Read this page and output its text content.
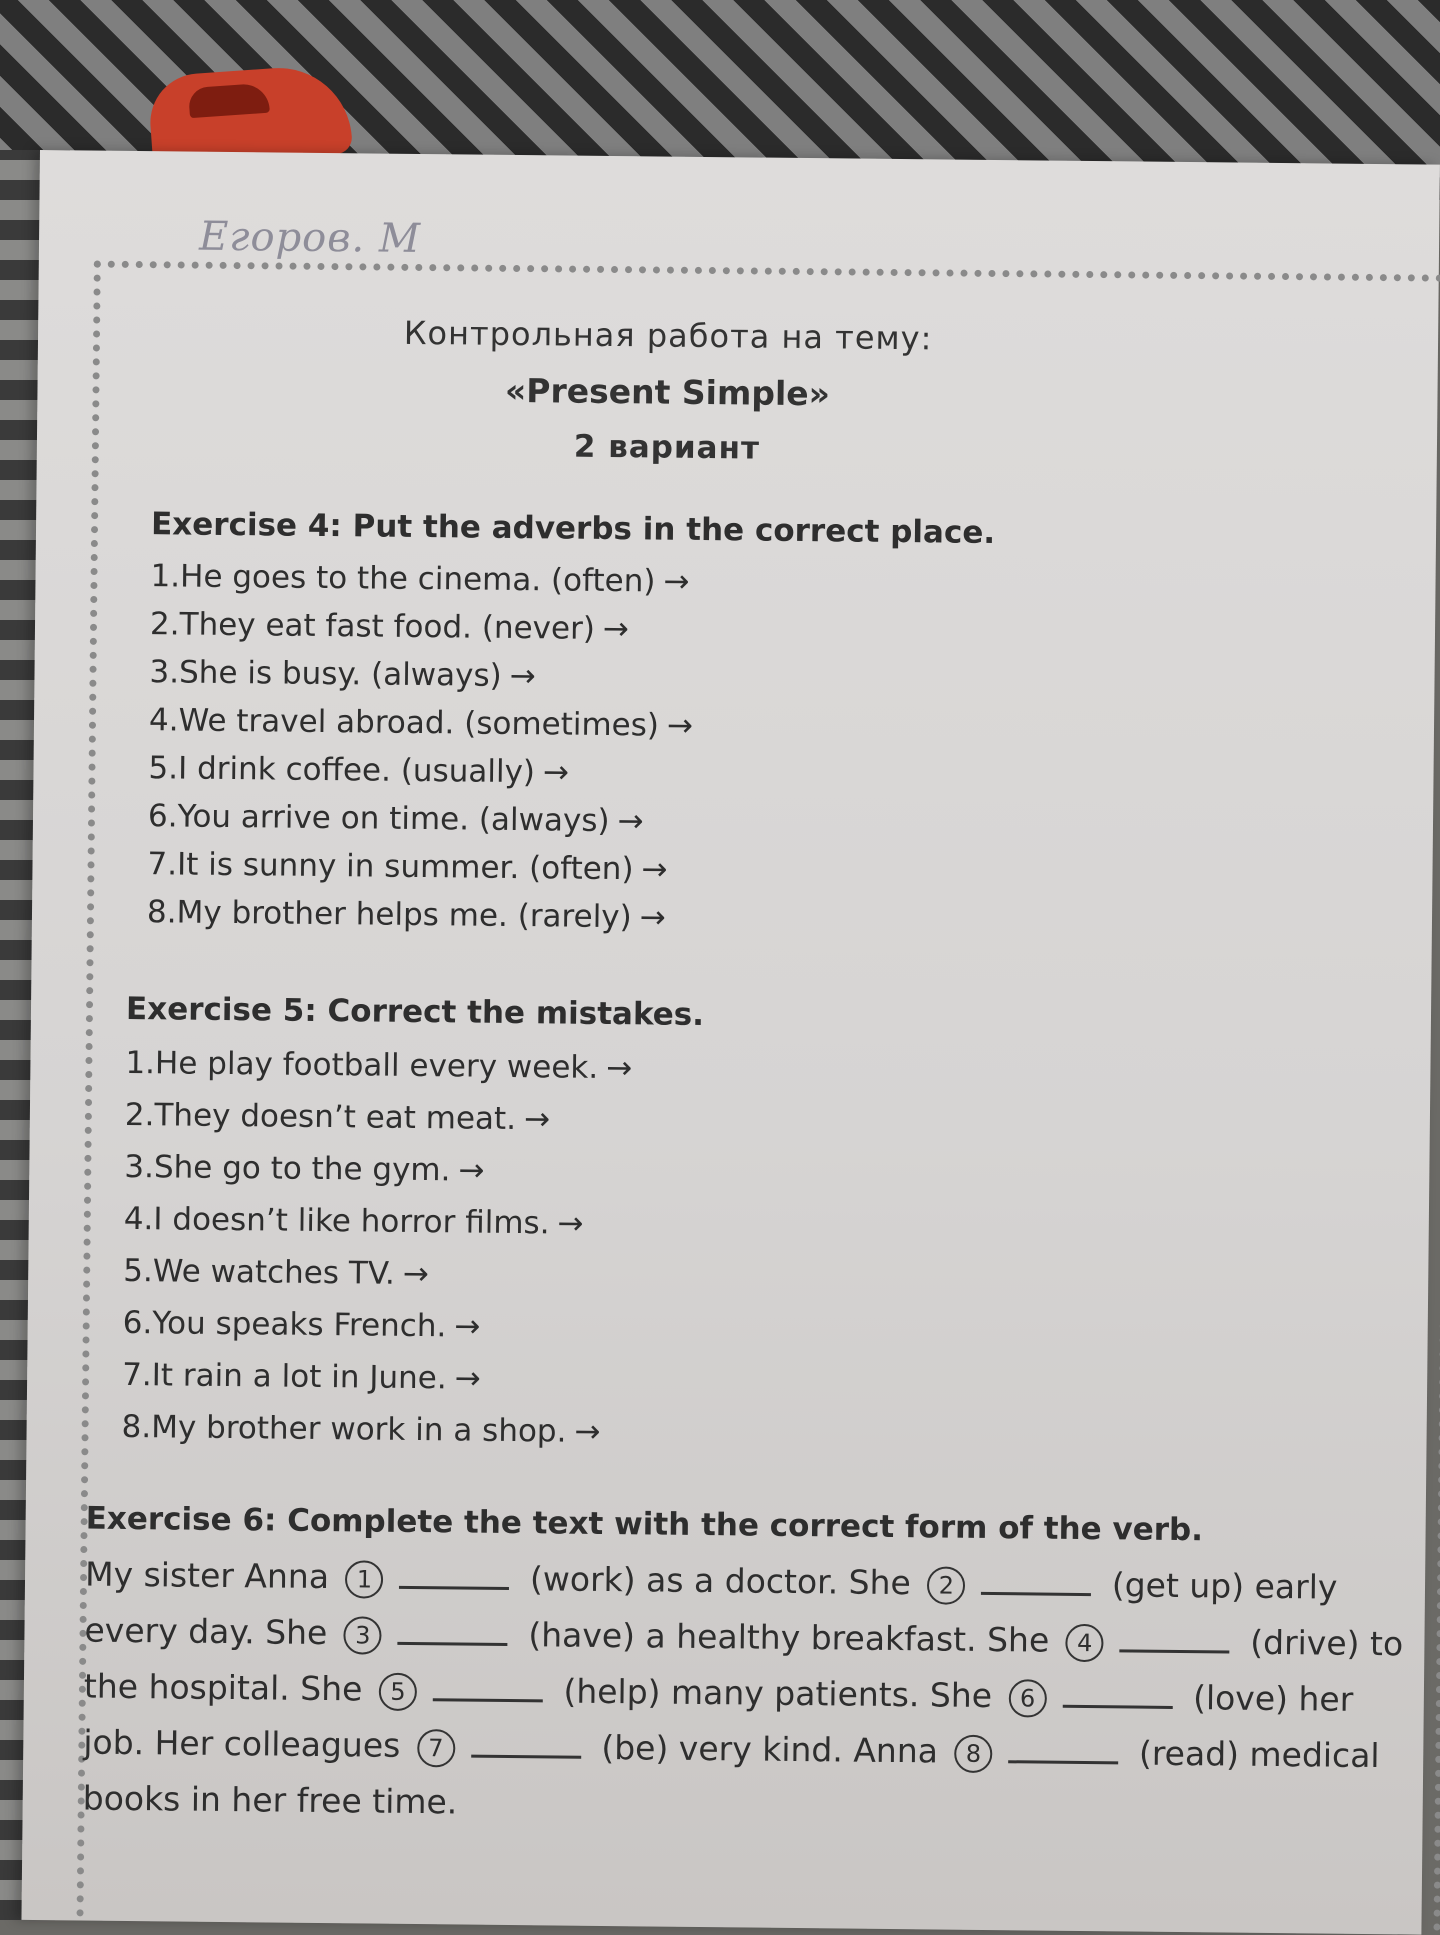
Егоров. М
Контрольная работа на тему:
«Present Simple»
2 вариант
Exercise 4: Put the adverbs in the correct place.
1.He goes to the cinema. (often) →
2.They eat fast food. (never) →
3.She is busy. (always) →
4.We travel abroad. (sometimes) →
5.I drink coffee. (usually) →
6.You arrive on time. (always) →
7.It is sunny in summer. (often) →
8.My brother helps me. (rarely) →
Exercise 5: Correct the mistakes.
1.He play football every week. →
2.They doesn’t eat meat. →
3.She go to the gym. →
4.I doesn’t like horror films. →
5.We watches TV. →
6.You speaks French. →
7.It rain a lot in June. →
8.My brother work in a shop. →
Exercise 6: Complete the text with the correct form of the verb.
My sister Anna 1	(work) as a doctor. She 2	(get up) early every day. She 3	(have) a healthy breakfast. She 4	(drive) to the hospital. She 5	(help) many patients. She 6	(love) her job. Her colleagues 7	(be) very kind. Anna 8	(read) medical books in her free time.
